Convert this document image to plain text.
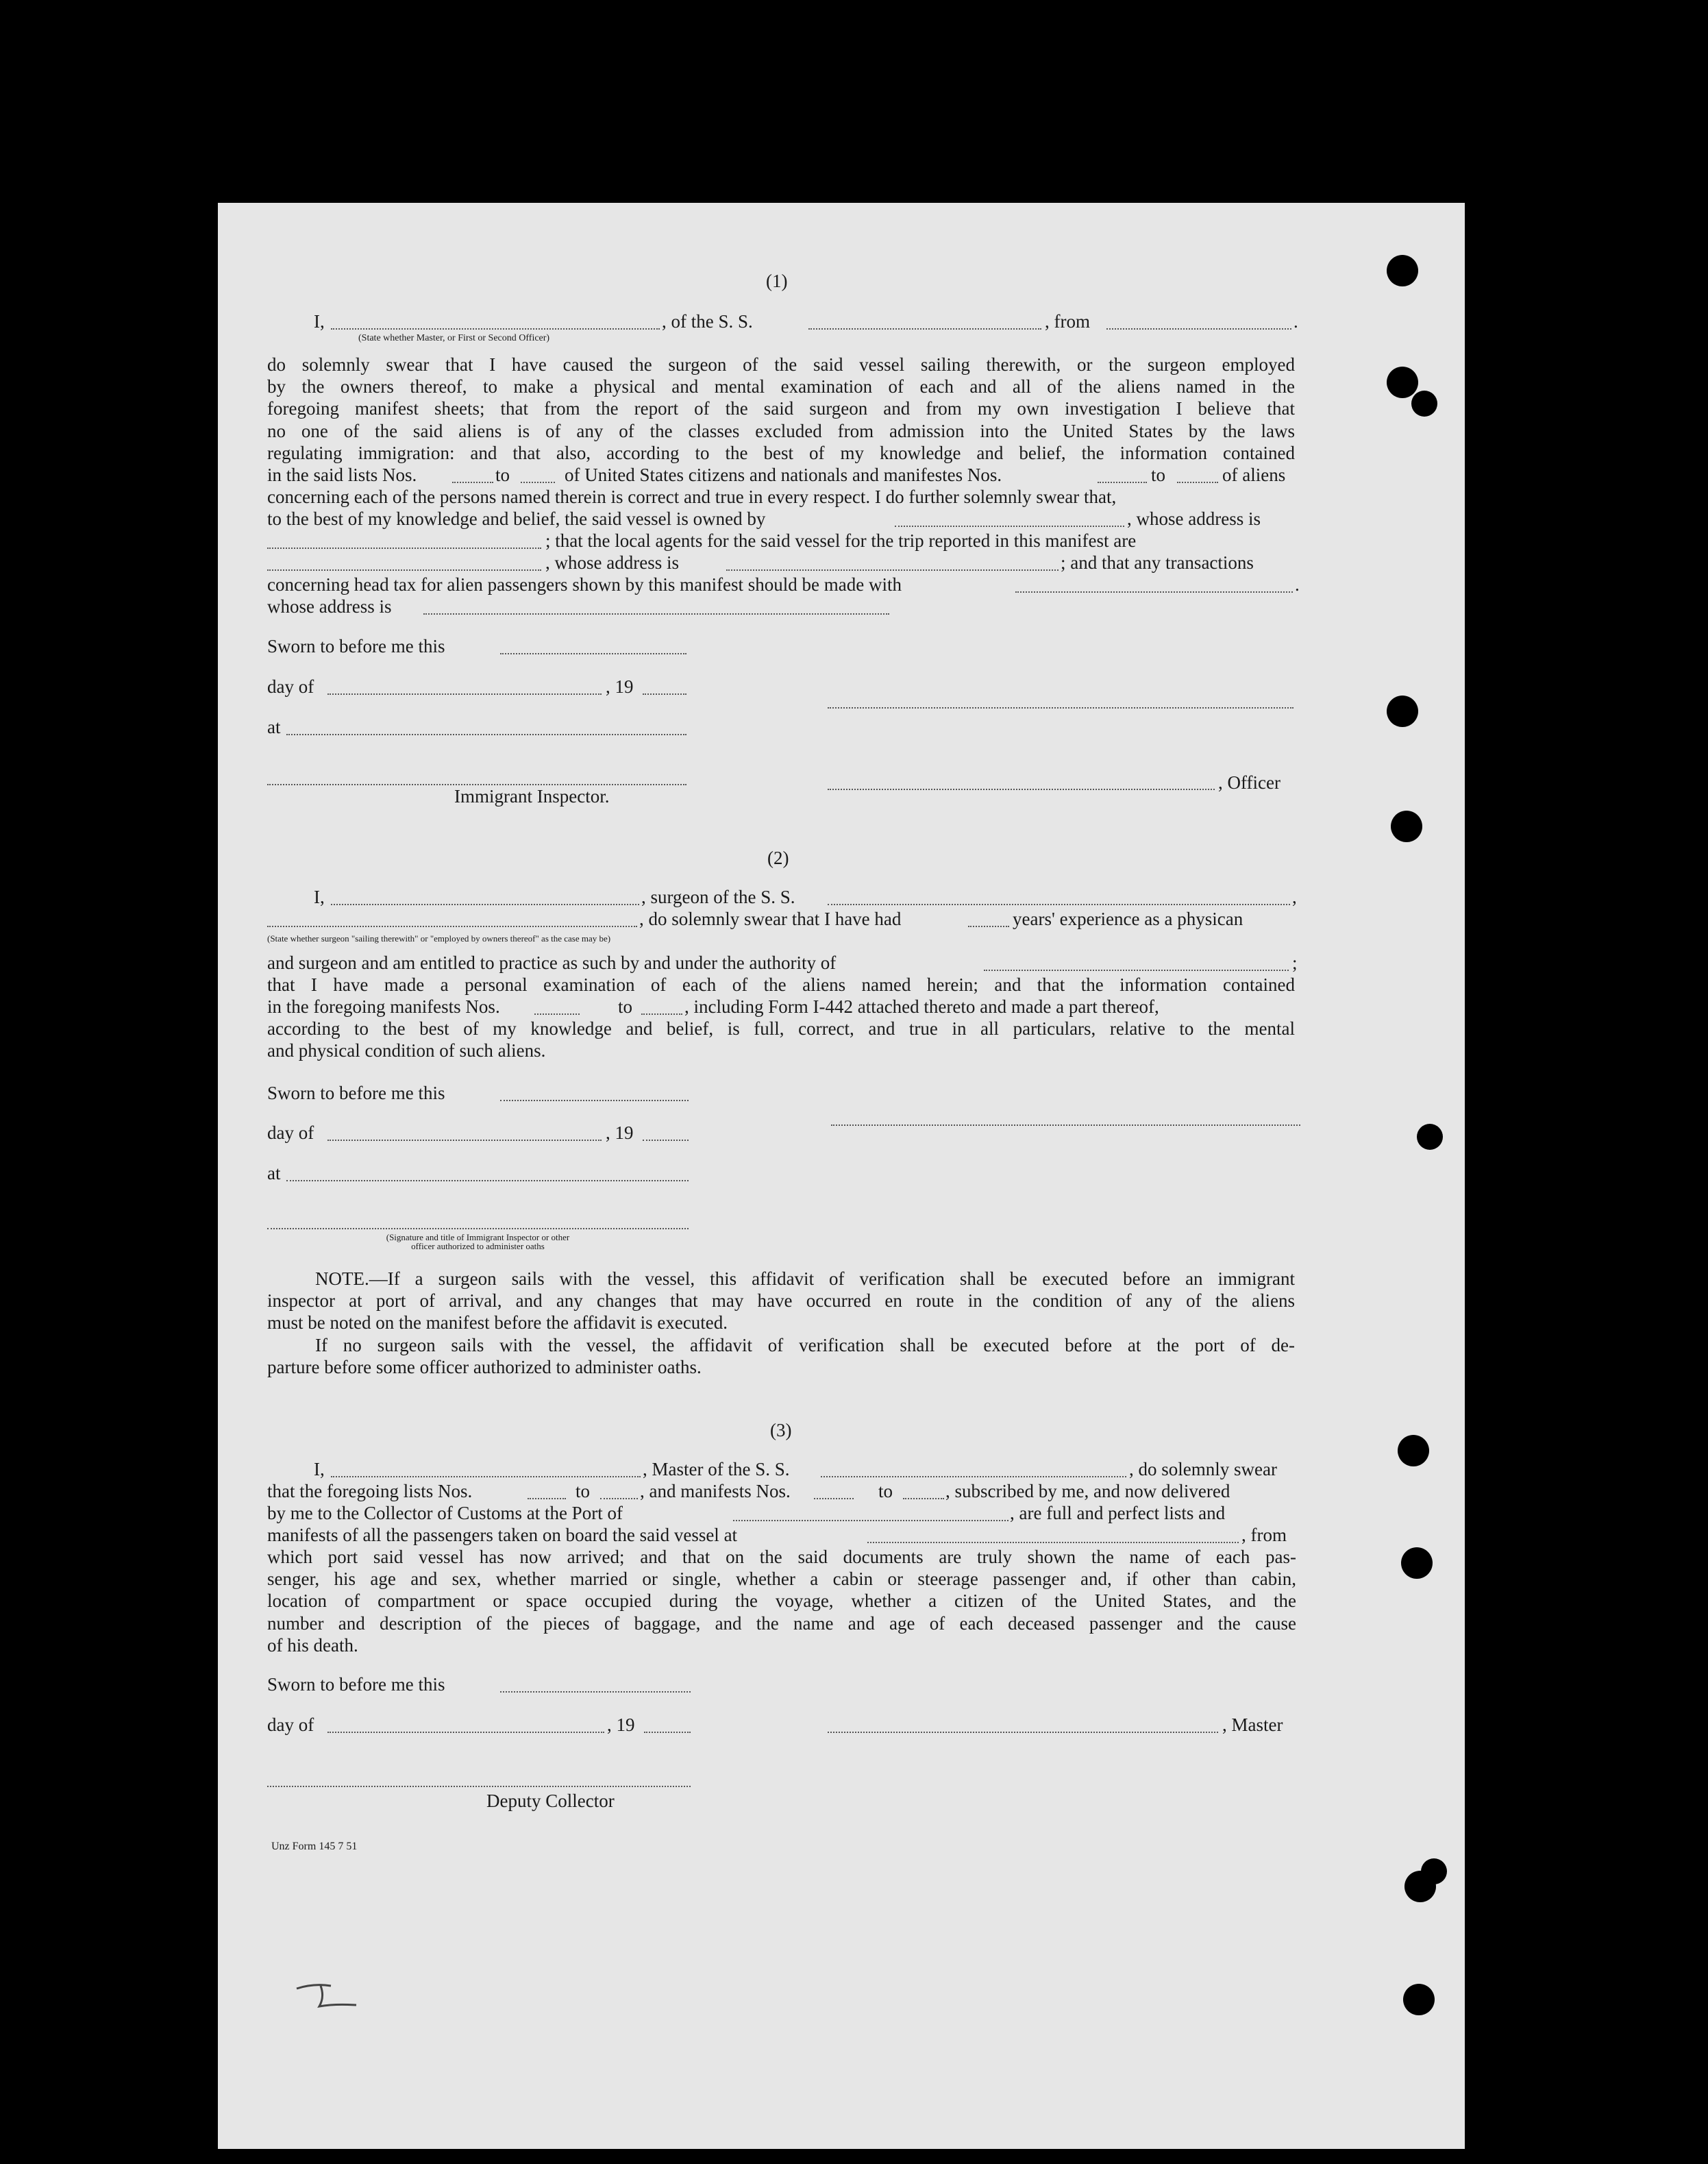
(1)
I,	, of the S. S.	, from	.
(State whether Master, or First or Second Officer)

do solemnly swear that I have caused the surgeon of the said vessel sailing therewith, or the surgeon employed

by the owners thereof, to make a physical and mental examination of each and all of the aliens named in the

foregoing manifest sheets; that from the report of the said surgeon and from my own investigation I believe that

no one of the said aliens is of any of the classes excluded from admission into the United States by the laws

regulating immigration: and that also, according to the best of my knowledge and belief, the information contained

in the said lists Nos.	to	of United States citizens and nationals and manifestes Nos.	to	of aliens
concerning each of the persons named therein is correct and true in every respect. I do further solemnly swear that,
to the best of my knowledge and belief, the said vessel is owned by	, whose address is
; that the local agents for the said vessel for the trip reported in this manifest are
, whose address is	; and that any transactions
concerning head tax for alien passengers shown by this manifest should be made with	.
whose address is
Sworn to before me this
day of	, 19
at
, Officer
Immigrant Inspector.
(2)
I,	, surgeon of the S. S.	,
, do solemnly swear that I have had	years' experience as a physican
(State whether surgeon "sailing therewith" or "employed by owners thereof" as the case may be)
and surgeon and am entitled to practice as such by and under the authority of	;

that I have made a personal examination of each of the aliens named herein; and that the information contained

in the foregoing manifests Nos.	to	, including Form I-442 attached thereto and made a part thereof,

according to the best of my knowledge and belief, is full, correct, and true in all particulars, relative to the mental

and physical condition of such aliens.
Sworn to before me this
day of	, 19
at
(Signature and title of Immigrant Inspector or other
officer authorized to administer oaths

NOTE.—If a surgeon sails with the vessel, this affidavit of verification shall be executed before an immigrant

inspector at port of arrival, and any changes that may have occurred en route in the condition of any of the aliens

must be noted on the manifest before the affidavit is executed.

If no surgeon sails with the vessel, the affidavit of verification shall be executed before at the port of de-

parture before some officer authorized to administer oaths.

(3)
I,	, Master of the S. S.	, do solemnly swear
that the foregoing lists Nos.	to	, and manifests Nos.	to	, subscribed by me, and now delivered
by me to the Collector of Customs at the Port of	, are full and perfect lists and
manifests of all the passengers taken on board the said vessel at	, from

which port said vessel has now arrived; and that on the said documents are truly shown the name of each pas-

senger, his age and sex, whether married or single, whether a cabin or steerage passenger and, if other than cabin,

location of compartment or space occupied during the voyage, whether a citizen of the United States, and the

number and description of the pieces of baggage, and the name and age of each deceased passenger and the cause

of his death.

Sworn to before me this
day of	, 19	, Master
Deputy Collector
Unz Form 145 7 51
